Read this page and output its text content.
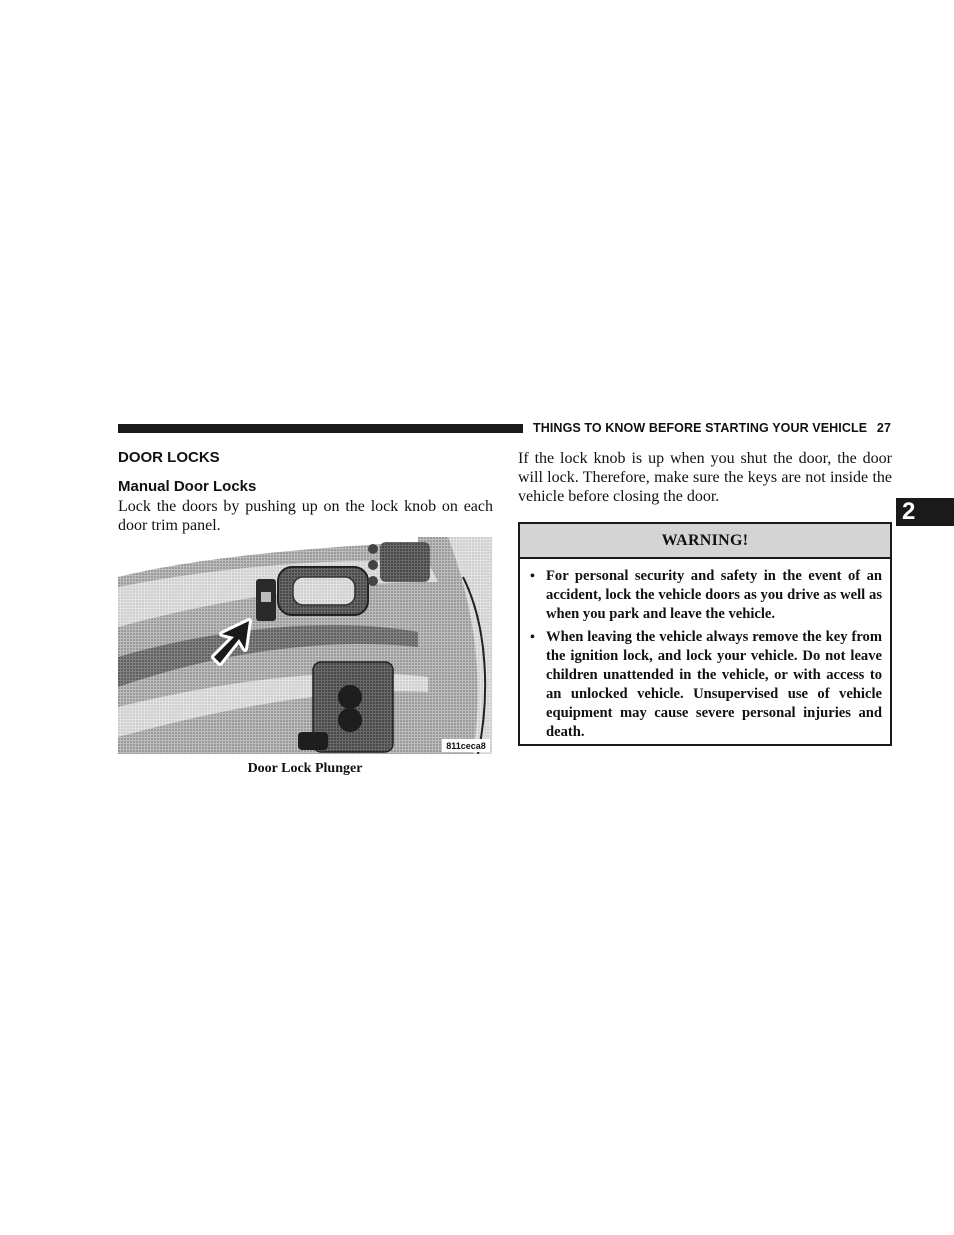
THINGS TO KNOW BEFORE STARTING YOUR VEHICLE 27
2
DOOR LOCKS
Manual Door Locks

Lock the doors by pushing up on the lock knob on each door trim panel.

811ceca8
Door Lock Plunger

If the lock knob is up when you shut the door, the door will lock. Therefore, make sure the keys are not inside the vehicle before closing the door.

WARNING!
• For personal security and safety in the event of an accident, lock the vehicle doors as you drive as well as when you park and leave the vehicle.
• When leaving the vehicle always remove the key from the ignition lock, and lock your vehicle. Do not leave children unattended in the vehicle, or with access to an unlocked vehicle. Unsupervised use of vehicle equipment may cause severe personal injuries and death.
